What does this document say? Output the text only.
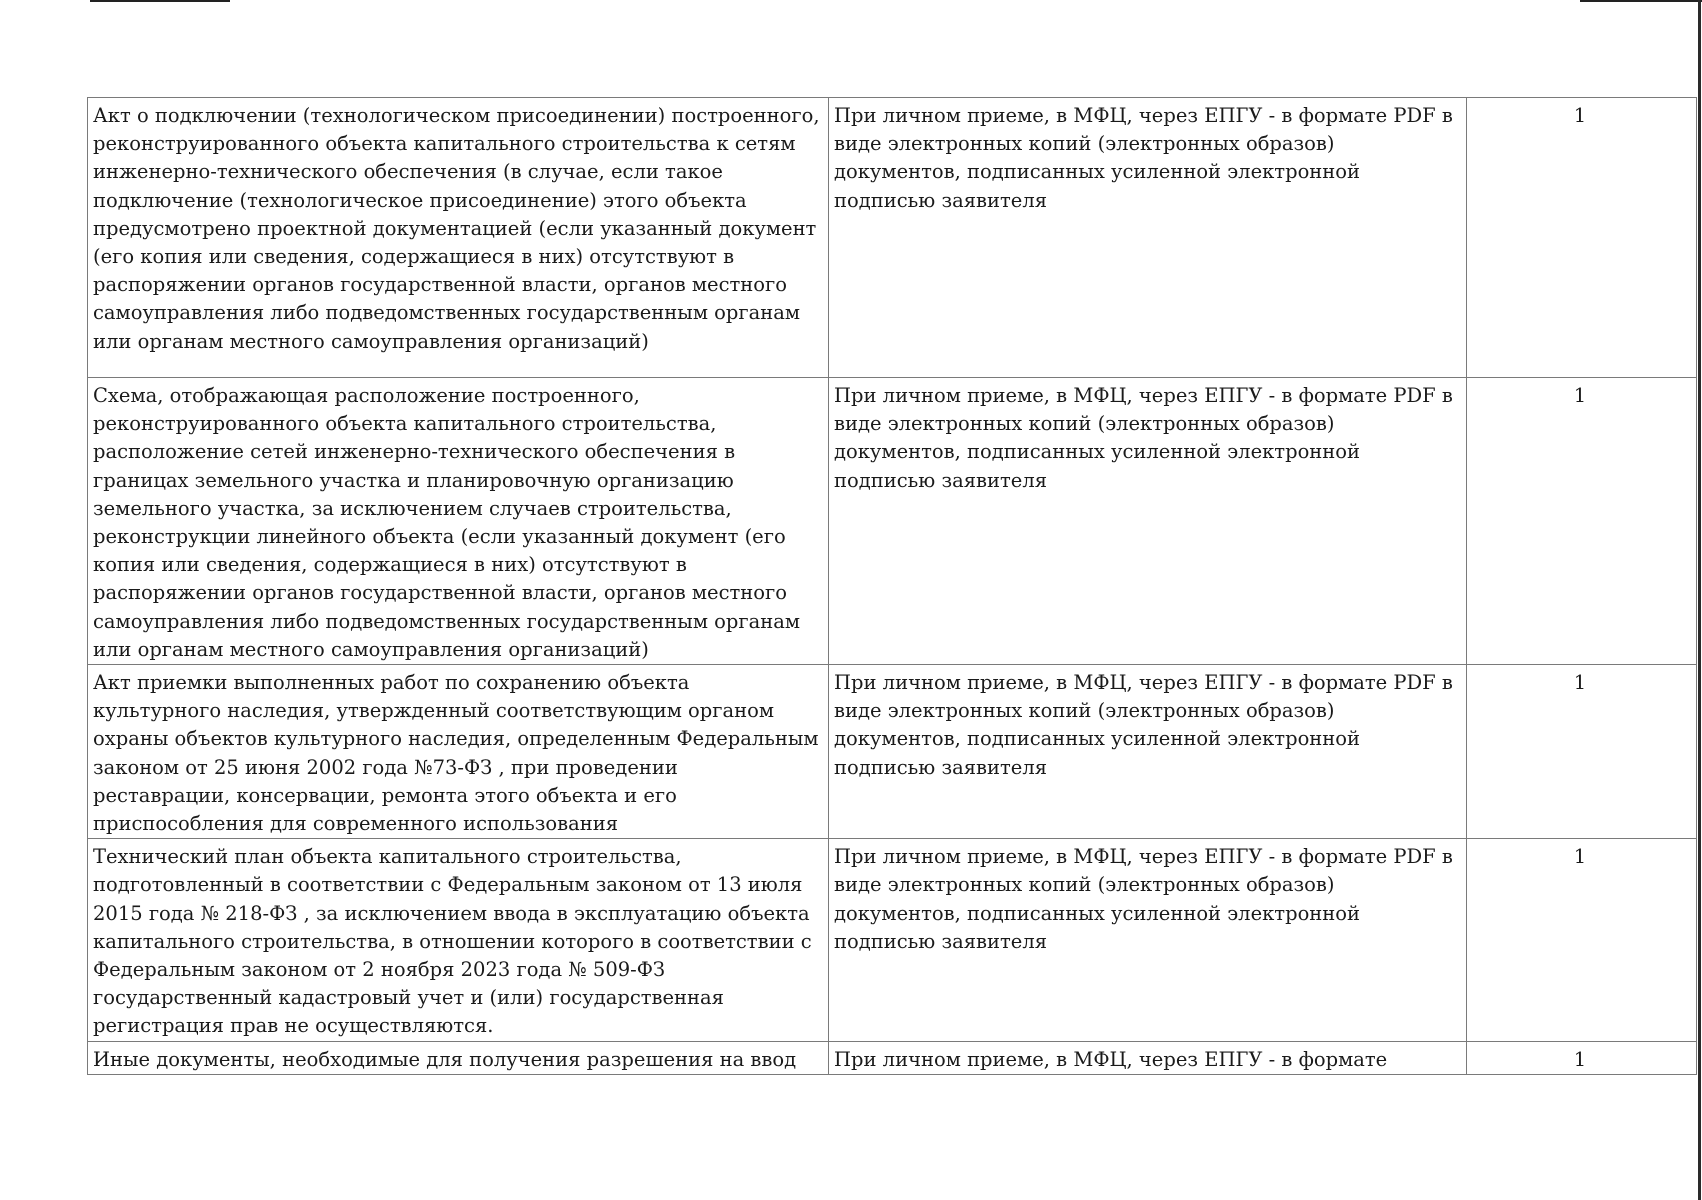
Акт о подключении (технологическом присоединении) построенного, реконструированного объекта капитального строительства к сетям инженерно-технического обеспечения (в случае, если такое подключение (технологическое присоединение) этого объекта предусмотрено проектной документацией (если указанный документ (его копия или сведения, содержащиеся в них) отсутствуют в распоряжении органов государственной власти, органов местного самоуправления либо подведомственных государственным органам или органам местного самоуправления организаций)	При личном приеме, в МФЦ, через ЕПГУ - в формате PDF в виде электронных копий (электронных образов) документов, подписанных усиленной электронной подписью заявителя	1
Схема, отображающая расположение построенного, реконструированного объекта капитального строительства, расположение сетей инженерно-технического обеспечения в границах земельного участка и планировочную организацию земельного участка, за исключением случаев строительства, реконструкции линейного объекта (если указанный документ (его копия или сведения, содержащиеся в них) отсутствуют в распоряжении органов государственной власти, органов местного самоуправления либо подведомственных государственным органам или органам местного самоуправления организаций)	При личном приеме, в МФЦ, через ЕПГУ - в формате PDF в виде электронных копий (электронных образов) документов, подписанных усиленной электронной подписью заявителя	1
Акт приемки выполненных работ по сохранению объекта культурного наследия, утвержденный соответствующим органом охраны объектов культурного наследия, определенным Федеральным законом от 25 июня 2002 года №73-ФЗ , при проведении реставрации, консервации, ремонта этого объекта и его приспособления для современного использования	При личном приеме, в МФЦ, через ЕПГУ - в формате PDF в виде электронных копий (электронных образов) документов, подписанных усиленной электронной подписью заявителя	1
Технический план объекта капитального строительства, подготовленный в соответствии с Федеральным законом от 13 июля 2015 года № 218-ФЗ , за исключением ввода в эксплуатацию объекта капитального строительства, в отношении которого в соответствии с Федеральным законом от 2 ноября 2023 года № 509-ФЗ государственный кадастровый учет и (или) государственная регистрация прав не осуществляются.	При личном приеме, в МФЦ, через ЕПГУ - в формате PDF в виде электронных копий (электронных образов) документов, подписанных усиленной электронной подписью заявителя	1
Иные документы, необходимые для получения разрешения на ввод	При личном приеме, в МФЦ, через ЕПГУ - в формате	1
